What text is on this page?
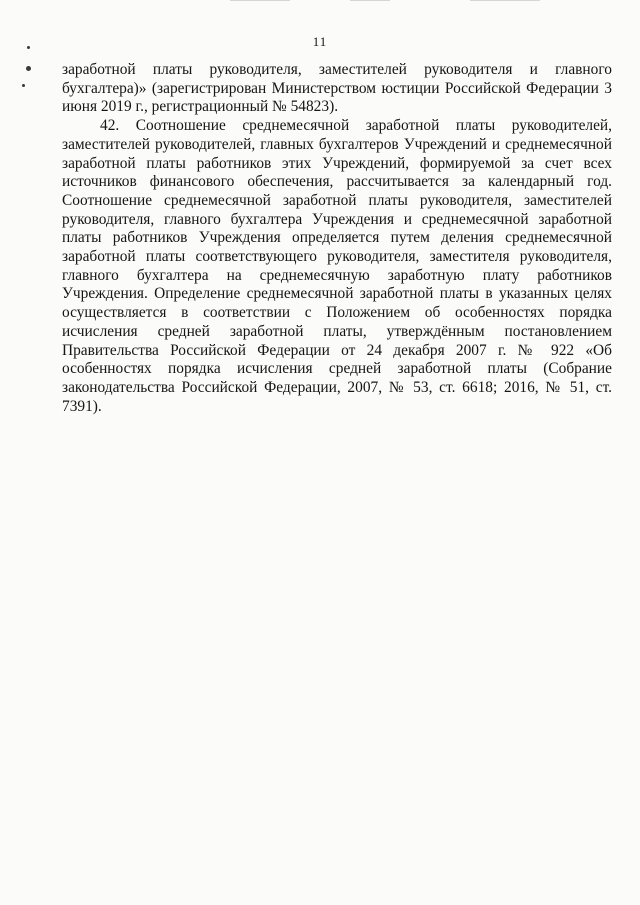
11

заработной платы руководителя, заместителей руководителя и главного бухгалтера)» (зарегистрирован Министерством юстиции Российской Федерации 3 июня 2019 г., регистрационный № 54823).

42. Соотношение среднемесячной заработной платы руководителей, заместителей руководителей, главных бухгалтеров Учреждений и среднемесячной заработной платы работников этих Учреждений, формируемой за счет всех источников финансового обеспечения, рассчитывается за календарный год. Соотношение среднемесячной заработной платы руководителя, заместителей руководителя, главного бухгалтера Учреждения и среднемесячной заработной платы работников Учреждения определяется путем деления среднемесячной заработной платы соответствующего руководителя, заместителя руководителя, главного бухгалтера на среднемесячную заработную плату работников Учреждения. Определение среднемесячной заработной платы в указанных целях осуществляется в соответствии с Положением об особенностях порядка исчисления средней заработной платы, утверждённым постановлением Правительства Российской Федерации от 24 декабря 2007 г. № 922 «Об особенностях порядка исчисления средней заработной платы (Собрание законодательства Российской Федерации, 2007, № 53, ст. 6618; 2016, № 51, ст. 7391).
